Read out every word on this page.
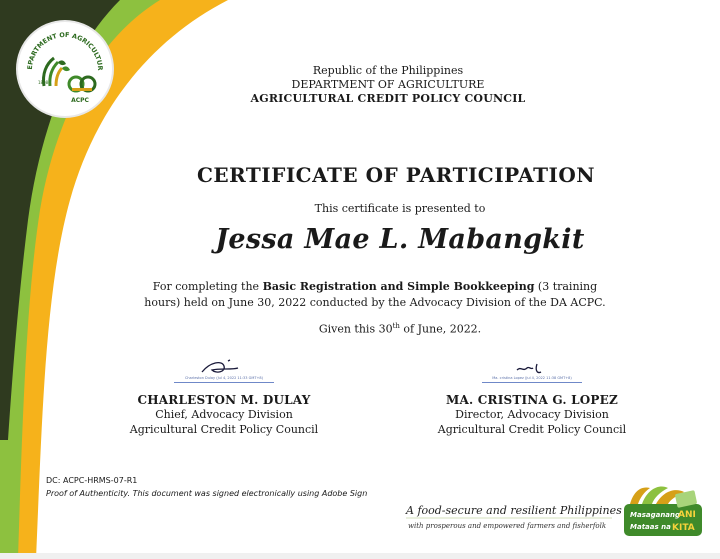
EPARTMENT OF AGRICULTUR
1898
ACPC
Republic of the Philippines
DEPARTMENT OF AGRICULTURE
AGRICULTURAL CREDIT POLICY COUNCIL
CERTIFICATE OF PARTICIPATION
This certificate is presented to
Jessa Mae L. Mabangkit
For completing the Basic Registration and Simple Bookkeeping (3 training hours) held on June 30, 2022 conducted by the Advocacy Division of the DA ACPC.
Given this 30th of June, 2022.
Charleston Dulay (Jul 4, 2022 11:33 GMT+8)
CHARLESTON M. DULAY
Chief, Advocacy Division
Agricultural Credit Policy Council
Ma. cristina Lopez (Jul 4, 2022 11:38 GMT+8)
MA. CRISTINA G. LOPEZ
Director, Advocacy Division
Agricultural Credit Policy Council
DC: ACPC-HRMS-07-R1
Proof of Authenticity. This document was signed electronically using Adobe Sign
A food-secure and resilient Philippines
with prosperous and empowered farmers and fisherfolk
Masaganang
ANI
Mataas na KITA
